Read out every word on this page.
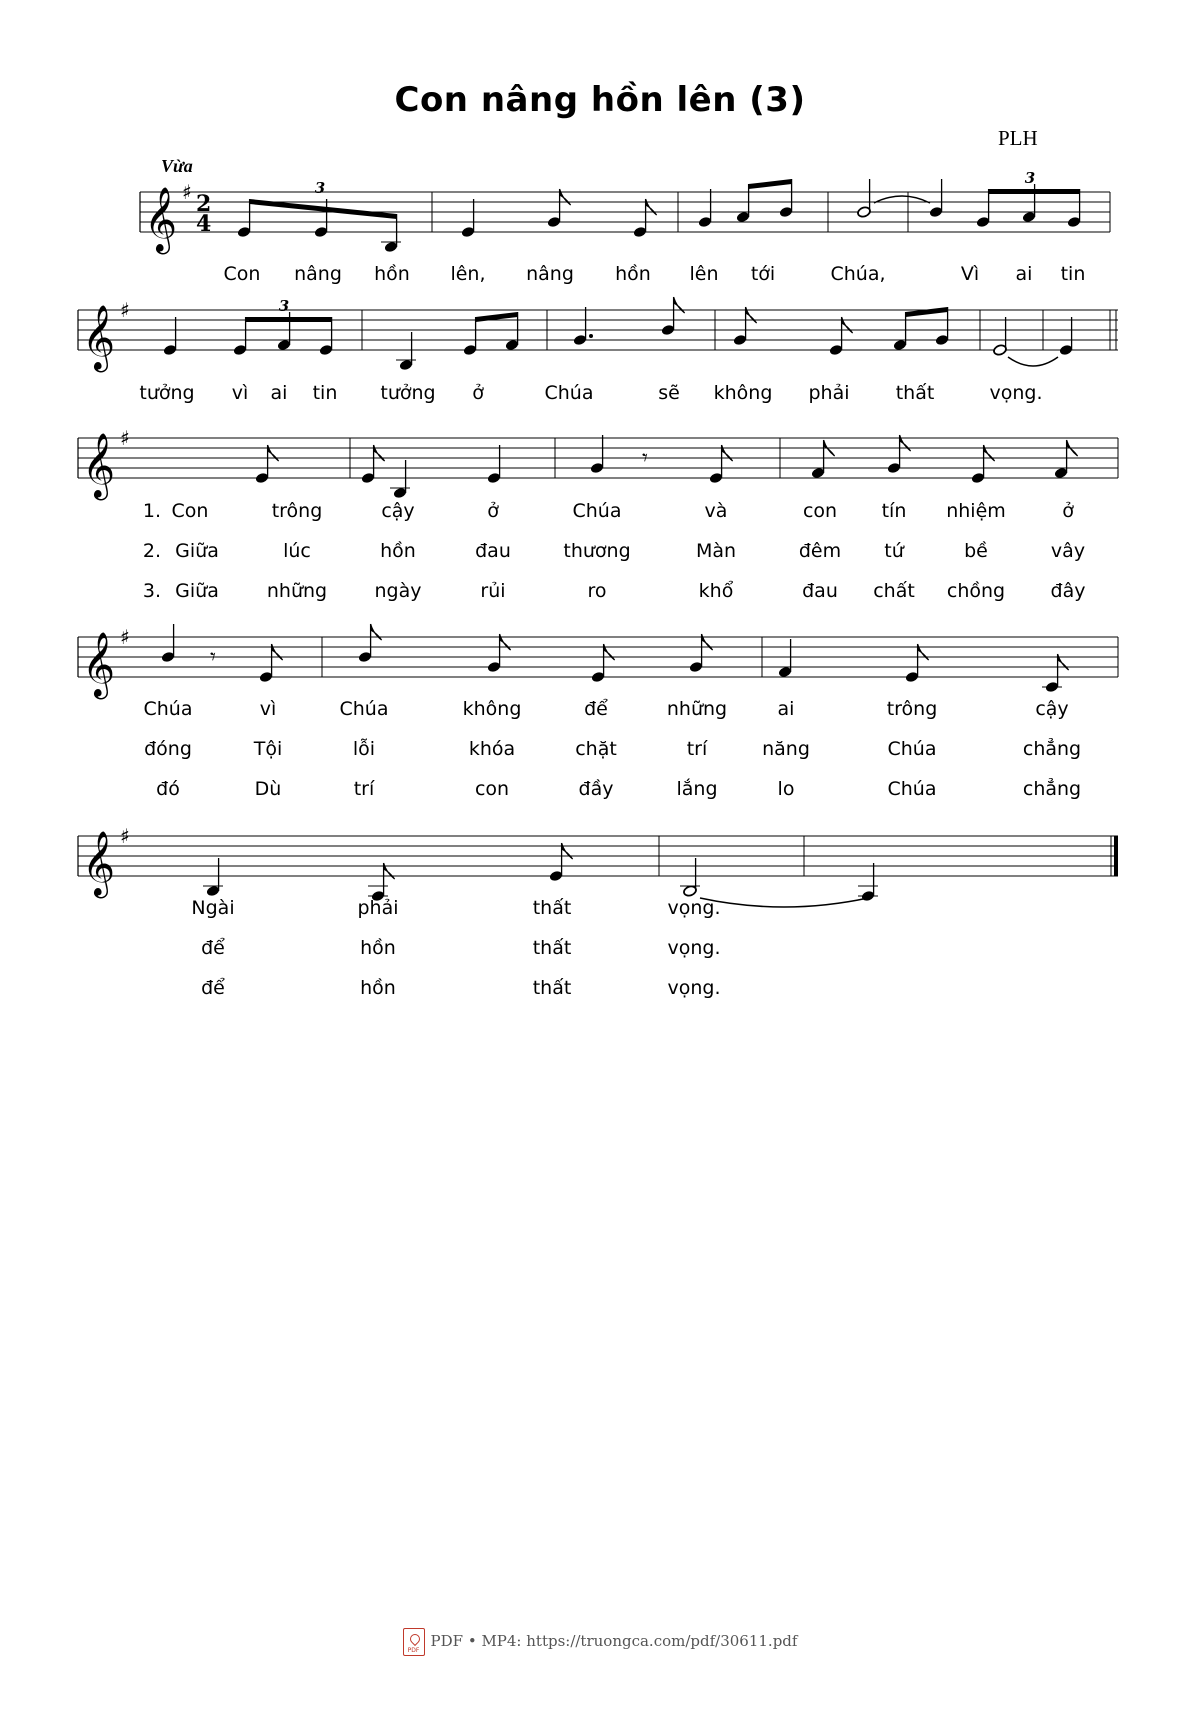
Con nâng hồn lên (3)
PLH
Vừa
𝄞 ♯ 2
4
3
3
𝄞 ♯	3
𝄞 ♯
𝄾
𝄞 ♯
𝄾
𝄞 ♯
Con nâng hồn lên, nâng hồn lên tới	Chúa,	Vì ai tin
tưởng vì ai tin tưởng ở	Chúa	sẽ không phải thất	vọng.
1. Con	trông	cậy	ở	Chúa	và	con tín nhiệm	ở
2. Giữa	lúc	hồn	đau	thương	Màn	đêm tứ	bề	vây
3. Giữa	những ngày	rủi	ro	khổ	đau chất chồng đây
Chúa	vì	Chúa	không	để	những	ai	trông	cậy
đóng	Tội	lỗi	khóa	chặt	trí	năng	Chúa	chẳng
đó	Dù	trí	con	đầy	lắng	lo	Chúa	chẳng
Ngài	phải	thất	vọng.
để	hồn	thất	vọng.
để	hồn	thất	vọng.
PDFPDF • MP4: https://truongca.com/pdf/30611.pdf
